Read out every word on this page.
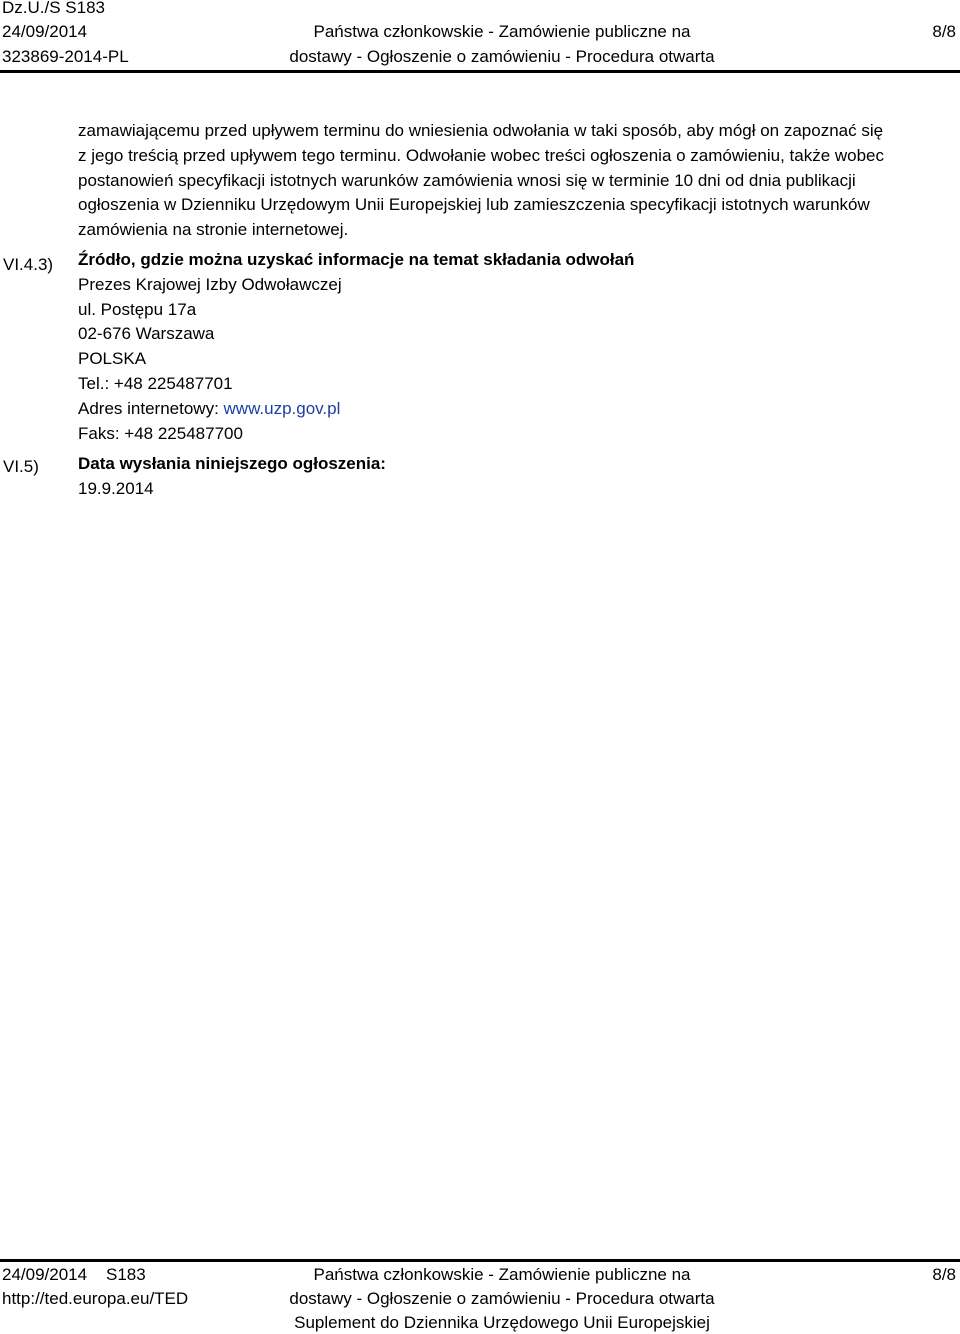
Dz.U./S S183
24/09/2014
323869-2014-PL
Państwa członkowskie - Zamówienie publiczne na
dostawy - Ogłoszenie o zamówieniu - Procedura otwarta
8/8
zamawiającemu przed upływem terminu do wniesienia odwołania w taki sposób, aby mógł on zapoznać się
z jego treścią przed upływem tego terminu. Odwołanie wobec treści ogłoszenia o zamówieniu, także wobec
postanowień specyfikacji istotnych warunków zamówienia wnosi się w terminie 10 dni od dnia publikacji
ogłoszenia w Dzienniku Urzędowym Unii Europejskiej lub zamieszczenia specyfikacji istotnych warunków
zamówienia na stronie internetowej.
VI.4.3) Źródło, gdzie można uzyskać informacje na temat składania odwołań
Prezes Krajowej Izby Odwoławczej
ul. Postępu 17a
02-676 Warszawa
POLSKA
Tel.: +48 225487701
Adres internetowy: www.uzp.gov.pl
Faks: +48 225487700
VI.5) Data wysłania niniejszego ogłoszenia:
19.9.2014
24/09/2014    S183
http://ted.europa.eu/TED
Państwa członkowskie - Zamówienie publiczne na
dostawy - Ogłoszenie o zamówieniu - Procedura otwarta
Suplement do Dziennika Urzędowego Unii Europejskiej
8/8
